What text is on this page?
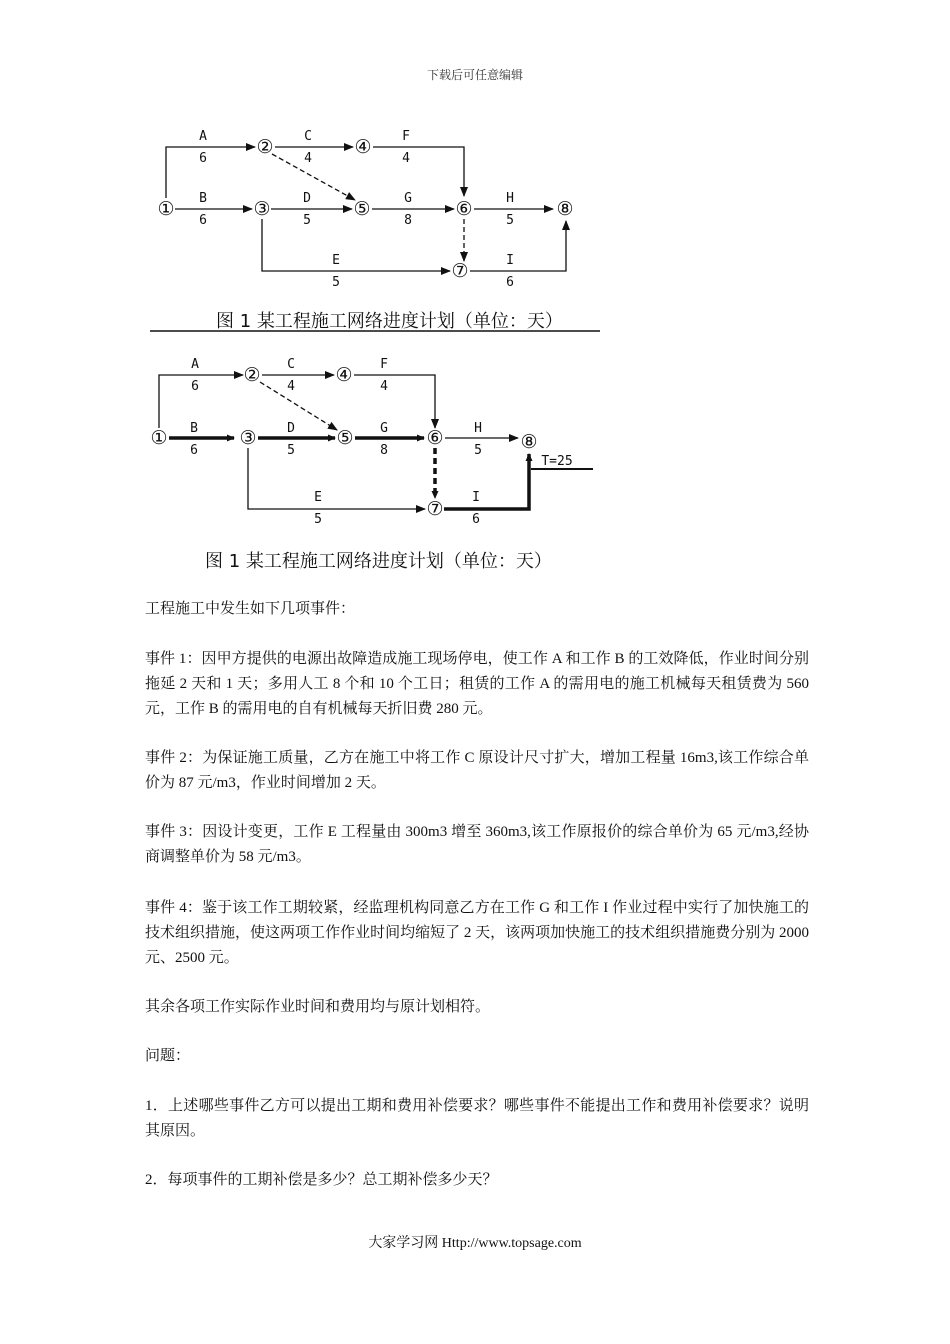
下载后可任意编辑
①
②
③
④
⑤	⑥
⑦
⑧
A
6
B
6
C
4
D
5
F
4
G
8
H
5
E
5
I
6
图 1 某工程施工网络进度计划（单位：天）
①
②
③
④
⑤	⑥
⑦
⑧
A
6
B
6
C
4
D
5
F
4
G
8
H
5
E
5
I
6
T=25
图 1 某工程施工网络进度计划（单位：天）

工程施工中发生如下几项事件：

事件 1：因甲方提供的电源出故障造成施工现场停电，使工作 A 和工作 B 的工效降低，作业时间分别拖延 2 天和 1 天；多用人工 8 个和 10 个工日；租赁的工作 A 的需用电的施工机械每天租赁费为 560 元，工作 B 的需用电的自有机械每天折旧费 280 元。

事件 2：为保证施工质量，乙方在施工中将工作 C 原设计尺寸扩大，增加工程量 16m3,该工作综合单价为 87 元/m3，作业时间增加 2 天。

事件 3：因设计变更，工作 E 工程量由 300m3 增至 360m3,该工作原报价的综合单价为 65 元/m3,经协商调整单价为 58 元/m3。

事件 4：鉴于该工作工期较紧，经监理机构同意乙方在工作 G 和工作 I 作业过程中实行了加快施工的技术组织措施，使这两项工作作业时间均缩短了 2 天，该两项加快施工的技术组织措施费分别为 2000 元、2500 元。

其余各项工作实际作业时间和费用均与原计划相符。

问题：

1．上述哪些事件乙方可以提出工期和费用补偿要求？哪些事件不能提出工作和费用补偿要求？说明其原因。

2．每项事件的工期补偿是多少？总工期补偿多少天？

大家学习网 Http://www.topsage.com
